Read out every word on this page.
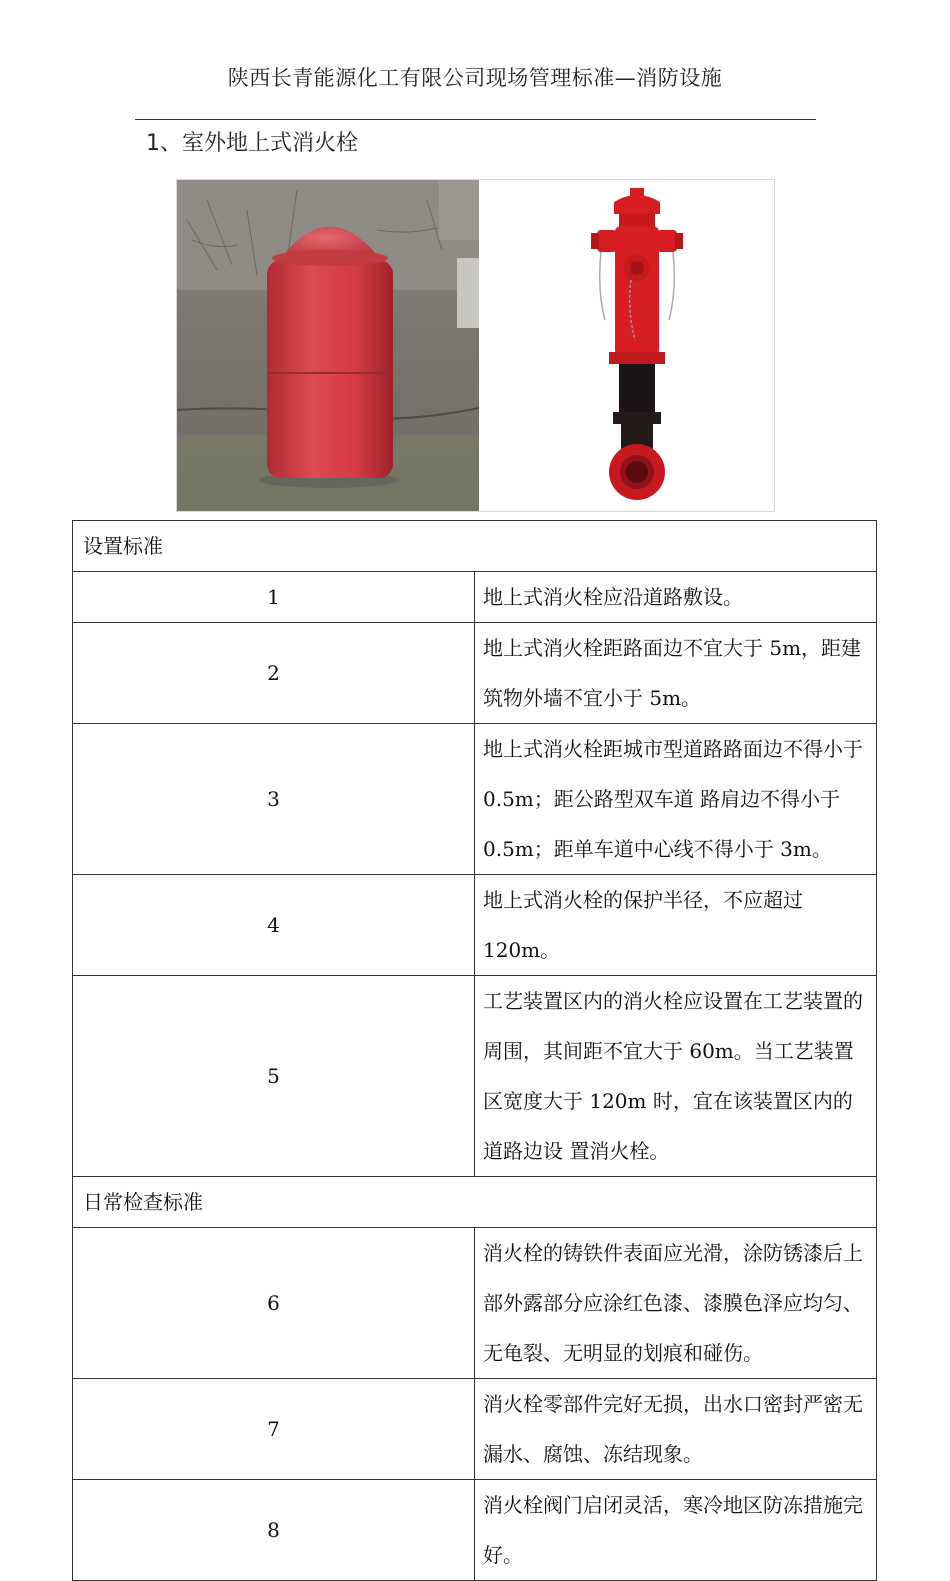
陕西长青能源化工有限公司现场管理标准—消防设施
1、室外地上式消火栓
设置标准	
1	地上式消火栓应沿道路敷设。
2	地上式消火栓距路面边不宜大于 5m，距建筑物外墙不宜小于 5m。
3	地上式消火栓距城市型道路路面边不得小于 0.5m；距公路型双车道 路肩边不得小于 0.5m；距单车道中心线不得小于 3m。
4	地上式消火栓的保护半径，不应超过 120m。
5	工艺装置区内的消火栓应设置在工艺装置的周围，其间距不宜大于 60m。当工艺装置区宽度大于 120m 时，宜在该装置区内的道路边设 置消火栓。
日常检查标准	
6	消火栓的铸铁件表面应光滑，涂防锈漆后上部外露部分应涂红色漆、漆膜色泽应均匀、无龟裂、无明显的划痕和碰伤。
7	消火栓零部件完好无损，出水口密封严密无漏水、腐蚀、冻结现象。
8	消火栓阀门启闭灵活，寒冷地区防冻措施完好。
